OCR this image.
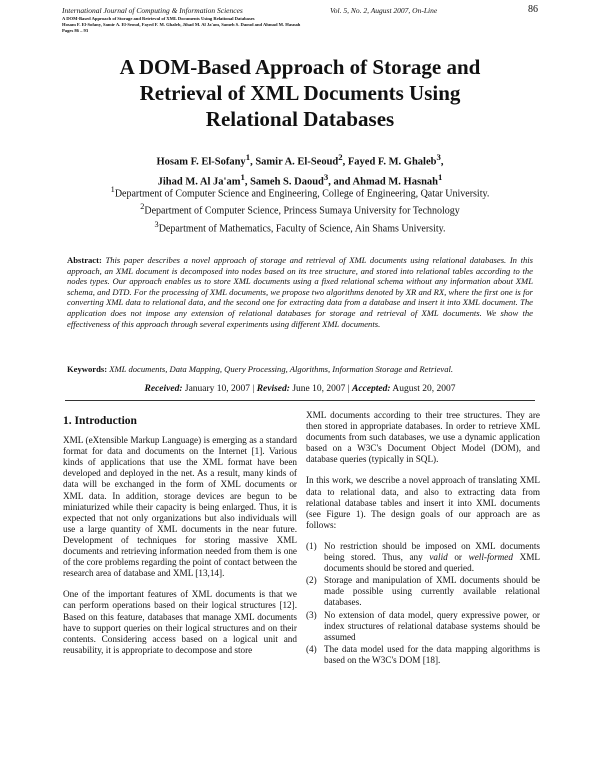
International Journal of Computing & Information Sciences	Vol. 5, No. 2, August 2007, On-Line	86
A DOM-Based Approach of Storage and Retrieval of XML Documents Using Relational Databases
Hosam F. El-Sofany, Samir A. El-Seoud, Fayed F. M. Ghaleb, Jihad M. Al Ja'am, Sameh S. Daoud and Ahmad M. Hasnah
Pages 86 – 93
A DOM-Based Approach of Storage and
Retrieval of XML Documents Using
Relational Databases
Hosam F. El-Sofany$^1$, Samir A. El-Seoud$^2$, Fayed F. M. Ghaleb$^3$,
Jihad M. Al $Ja'am^1$, Sameh S. Daoud$^3$, and Ahmad M. Hasnah$^1$
$^1$Department of Computer Science and Engineering, College of Engineering, Qatar University.
$^2$Department of Computer Science, Princess Sumaya University for Technology
$^3$Department of Mathematics, Faculty of Science, Ain Shams University.
Abstract: This paper describes a novel approach of storage and retrieval of XML documents using relational databases. In this approach, an XML document is decomposed into nodes based on its tree structure, and stored into relational tables according to the nodes types. Our approach enables us to store XML documents using a fixed relational schema without any information about XML schema, and DTD. For the processing of XML documents, we propose two algorithms denoted by XR and RX, where the first one is for converting XML data to relational data, and the second one for extracting data from a database and insert it into XML document. The application does not impose any extension of relational databases for storage and retrieval of XML documents. We show the effectiveness of this approach through several experiments using different XML documents.
Keywords: XML documents, Data Mapping, Query Processing, Algorithms, Information Storage and Retrieval.
Received: January 10, 2007 | Revised: June 10, 2007 | Accepted: August 20, 2007
1. Introduction

XML (eXtensible Markup Language) is emerging as a standard format for data and documents on the Internet [1]. Various kinds of applications that use the XML format have been developed and deployed in the net. As a result, many kinds of data will be exchanged in the form of XML documents or XML data. In addition, storage devices are begun to be miniaturized while their capacity is being enlarged. Thus, it is expected that not only organizations but also individuals will use a large quantity of XML documents in the near future. Development of techniques for storing massive XML documents and retrieving information needed from them is one of the core problems regarding the point of contact between the research area of database and XML [13,14].

One of the important features of XML documents is that we can perform operations based on their logical structures [12]. Based on this feature, databases that manage XML documents have to support queries on their logical structures and on their contents. Considering access based on a logical unit and reusability, it is appropriate to decompose and store

XML documents according to their tree structures. They are then stored in appropriate databases. In order to retrieve XML documents from such databases, we use a dynamic application based on a W3C's Document Object Model (DOM), and database queries (typically in SQL).

In this work, we describe a novel approach of translating XML data to relational data, and also to extracting data from relational database tables and insert it into XML documents (see Figure 1). The design goals of our approach are as follows:

(1) No restriction should be imposed on XML documents being stored. Thus, any valid or well-formed XML documents should be stored and queried.
(2) Storage and manipulation of XML documents should be made possible using currently available relational databases.
(3) No extension of data model, query expressive power, or index structures of relational database systems should be assumed
(4) The data model used for the data mapping algorithms is based on the W3C's DOM [18].
